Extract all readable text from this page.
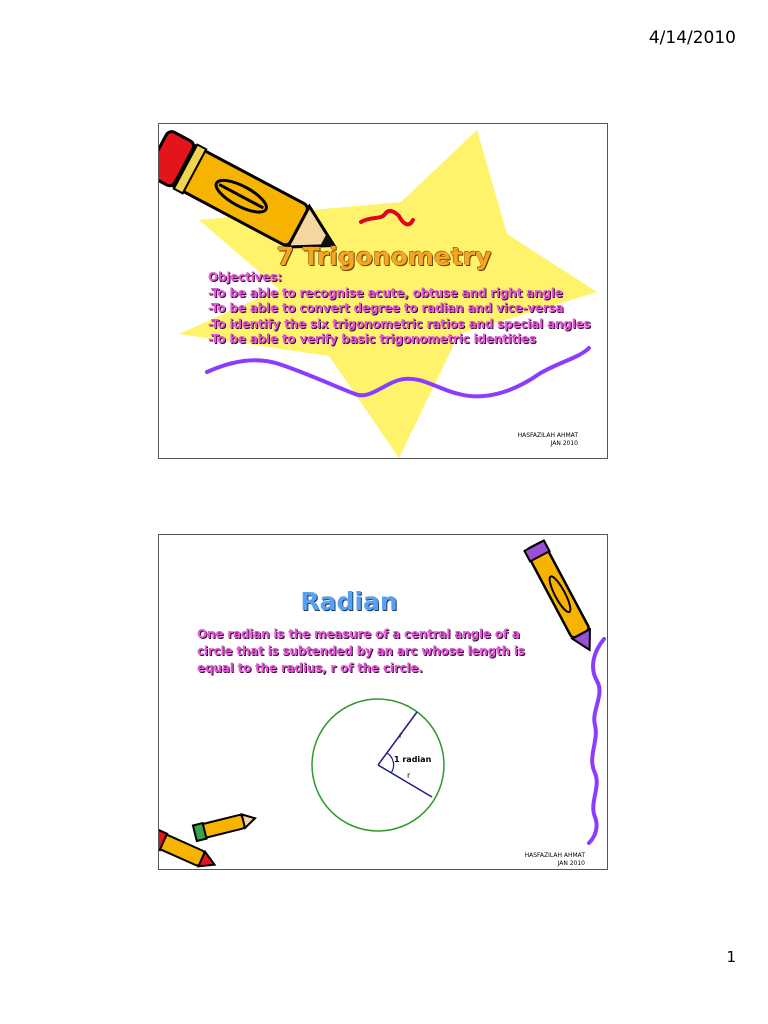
4/14/2010
7 Trigonometry
Objectives:
-To be able to recognise acute, obtuse and right angle
-To be able to convert degree to radian and vice-versa
-To identify the six trigonometric ratios and special angles
-To be able to verify basic trigonometric identities
HASFAZILAH AHMAT
JAN 2010
Radian
One radian is the measure of a central angle of a circle that is subtended by an arc whose length is equal to the radius, r of the circle.
r
r
1 radian
HASFAZILAH AHMAT
JAN 2010
1
